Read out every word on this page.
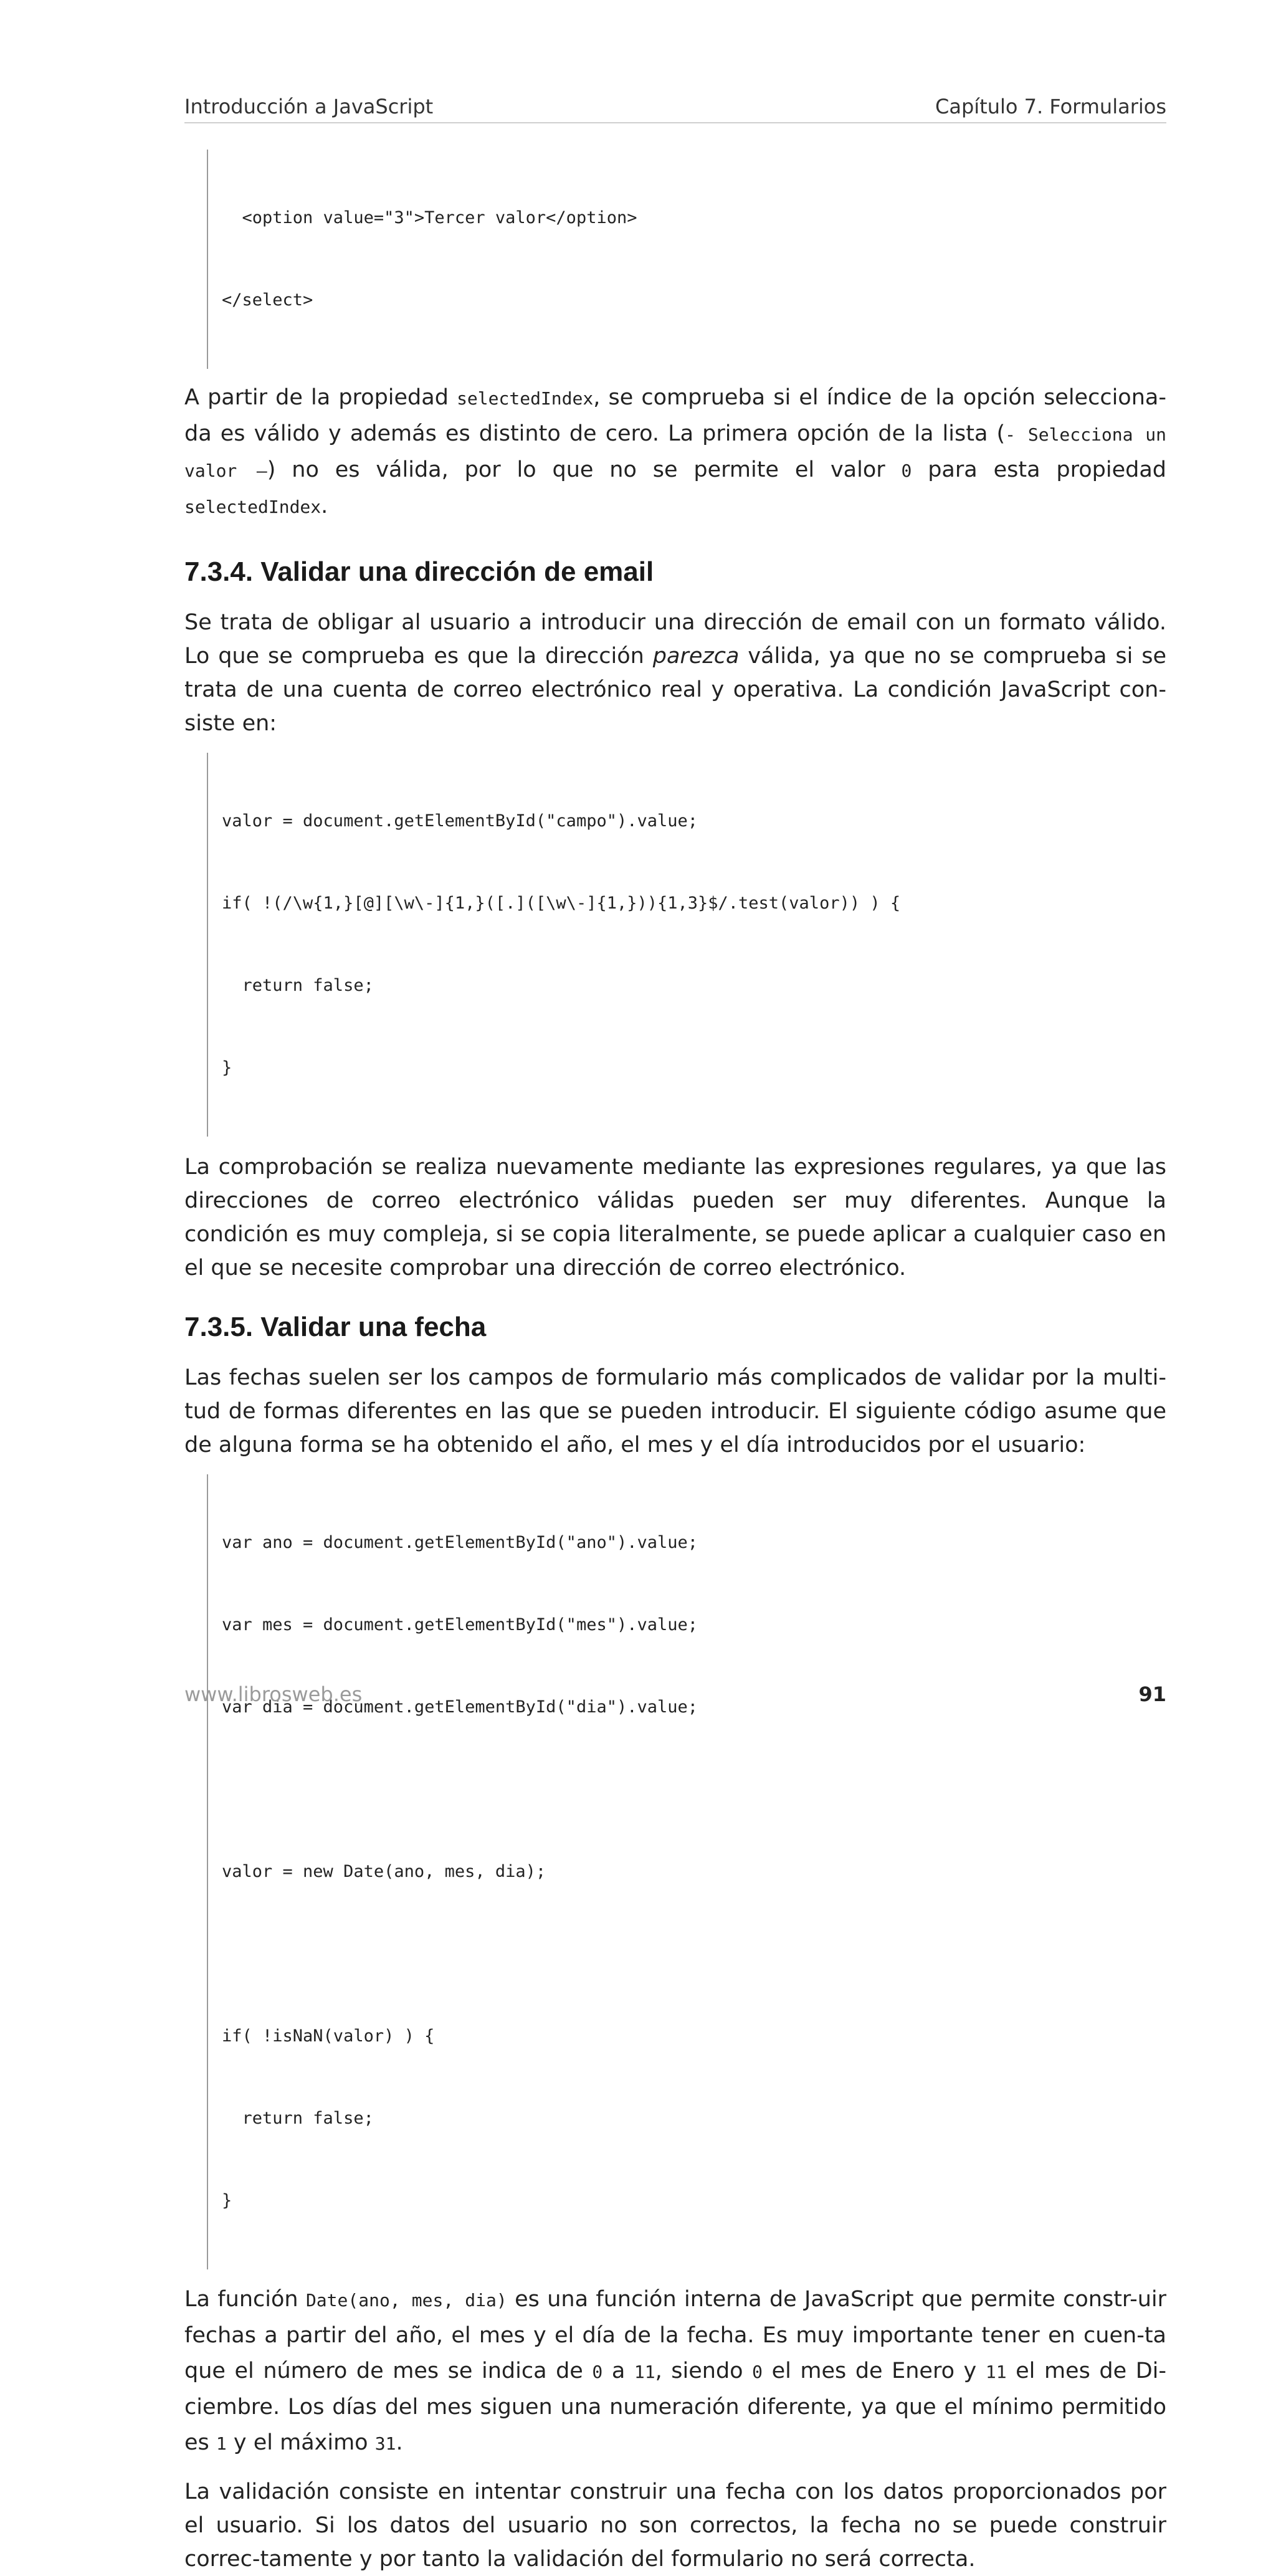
Introducción a JavaScript	Capítulo 7. Formularios

<option value="3">Tercer valor</option>

</select>

A partir de la propiedad selectedIndex, se comprueba si el índice de la opción selecciona-da es válido y además es distinto de cero. La primera opción de la lista (- Selecciona un valor –) no es válida, por lo que no se permite el valor 0 para esta propiedad selectedIndex.

7.3.4. Validar una dirección de email

Se trata de obligar al usuario a introducir una dirección de email con un formato válido. Lo que se comprueba es que la dirección parezca válida, ya que no se comprueba si se trata de una cuenta de correo electrónico real y operativa. La condición JavaScript con-siste en:

valor = document.getElementById("campo").value;

if( !(/\w{1,}[@][\w\-]{1,}([.]([\w\-]{1,})){1,3}$/.test(valor)) ) {

return false;

}

La comprobación se realiza nuevamente mediante las expresiones regulares, ya que las direcciones de correo electrónico válidas pueden ser muy diferentes. Aunque la condición es muy compleja, si se copia literalmente, se puede aplicar a cualquier caso en el que se necesite comprobar una dirección de correo electrónico.

7.3.5. Validar una fecha

Las fechas suelen ser los campos de formulario más complicados de validar por la multi-tud de formas diferentes en las que se pueden introducir. El siguiente código asume que de alguna forma se ha obtenido el año, el mes y el día introducidos por el usuario:

var ano = document.getElementById("ano").value;

var mes = document.getElementById("mes").value;

var dia = document.getElementById("dia").value;

valor = new Date(ano, mes, dia);

if( !isNaN(valor) ) {

return false;

}

La función Date(ano, mes, dia) es una función interna de JavaScript que permite constr-uir fechas a partir del año, el mes y el día de la fecha. Es muy importante tener en cuen-ta que el número de mes se indica de 0 a 11, siendo 0 el mes de Enero y 11 el mes de Di-ciembre. Los días del mes siguen una numeración diferente, ya que el mínimo permitido es 1 y el máximo 31.

La validación consiste en intentar construir una fecha con los datos proporcionados por el usuario. Si los datos del usuario no son correctos, la fecha no se puede construir correc-tamente y por tanto la validación del formulario no será correcta.

www.librosweb.es	91
